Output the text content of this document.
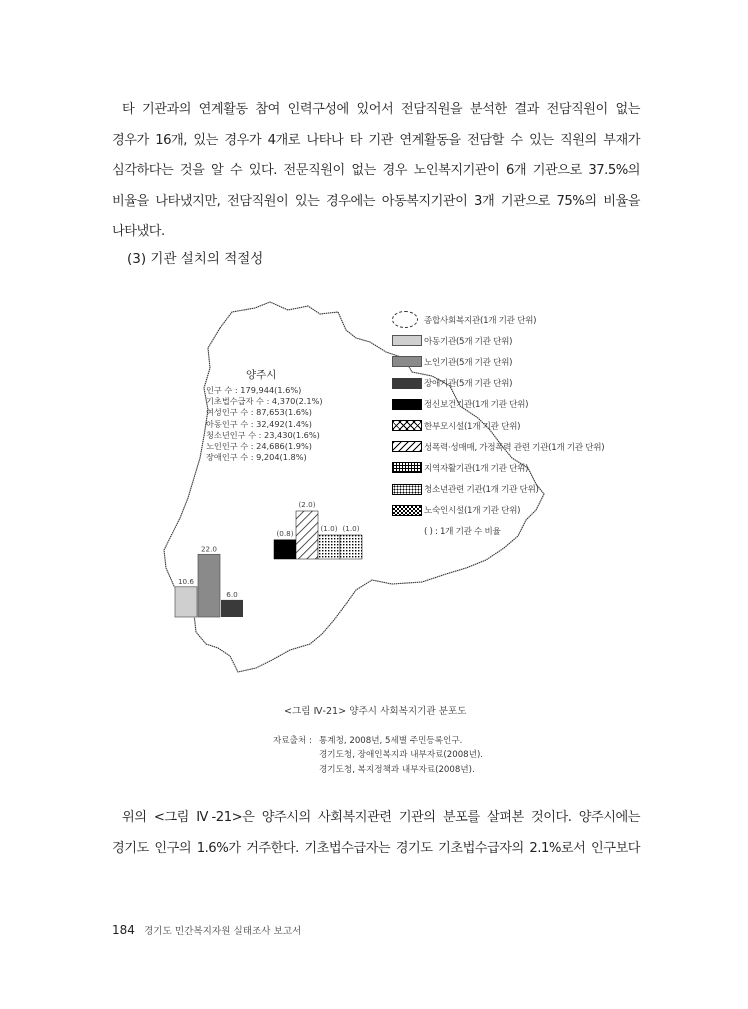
타 기관과의 연계활동 참여 인력구성에 있어서 전담직원을 분석한 결과 전담직원이 없는
경우가 16개, 있는 경우가 4개로 나타나 타 기관 연계활동을 전담할 수 있는 직원의 부재가
심각하다는 것을 알 수 있다. 전문직원이 없는 경우 노인복지기관이 6개 기관으로 37.5%의
비율을 나타냈지만, 전담직원이 있는 경우에는 아동복지기관이 3개 기관으로 75%의 비율을
나타냈다.
(3) 기관 설치의 적절성
10.6
22.0
6.0
(0.8)
(2.0)
(1.0) (1.0)
양주시
인구 수 : 179,944(1.6%)
기초법수급자 수 : 4,370(2.1%)
여성인구 수 : 87,653(1.6%)
아동인구 수 : 32,492(1.4%)
청소년인구 수 : 23,430(1.6%)
노인인구 수 : 24,686(1.9%)
장애인구 수 : 9,204(1.8%)
종합사회복지관(1개 기관 단위)
아동기관(5개 기관 단위)
노인기관(5개 기관 단위)
장애기관(5개 기관 단위)
정신보건기관(1개 기관 단위)
한부모시설(1개 기관 단위)
성폭력·성매매, 가정폭력 관련 기관(1개 기관 단위)
지역자활기관(1개 기관 단위)
청소년관련 기관(1개 기관 단위)
노숙인시설(1개 기관 단위)
( ) : 1개 기관 수 비율
<그림 Ⅳ-21> 양주시 사회복지기관 분포도
자료출처 : 통계청, 2008년, 5세별 주민등록인구.
경기도청, 장애인복지과 내부자료(2008년).
경기도청, 복지정책과 내부자료(2008년).
위의 <그림 Ⅳ-21>은 양주시의 사회복지관련 기관의 분포를 살펴본 것이다. 양주시에는
경기도 인구의 1.6%가 거주한다. 기초법수급자는 경기도 기초법수급자의 2.1%로서 인구보다
184 경기도 민간복지자원 실태조사 보고서
